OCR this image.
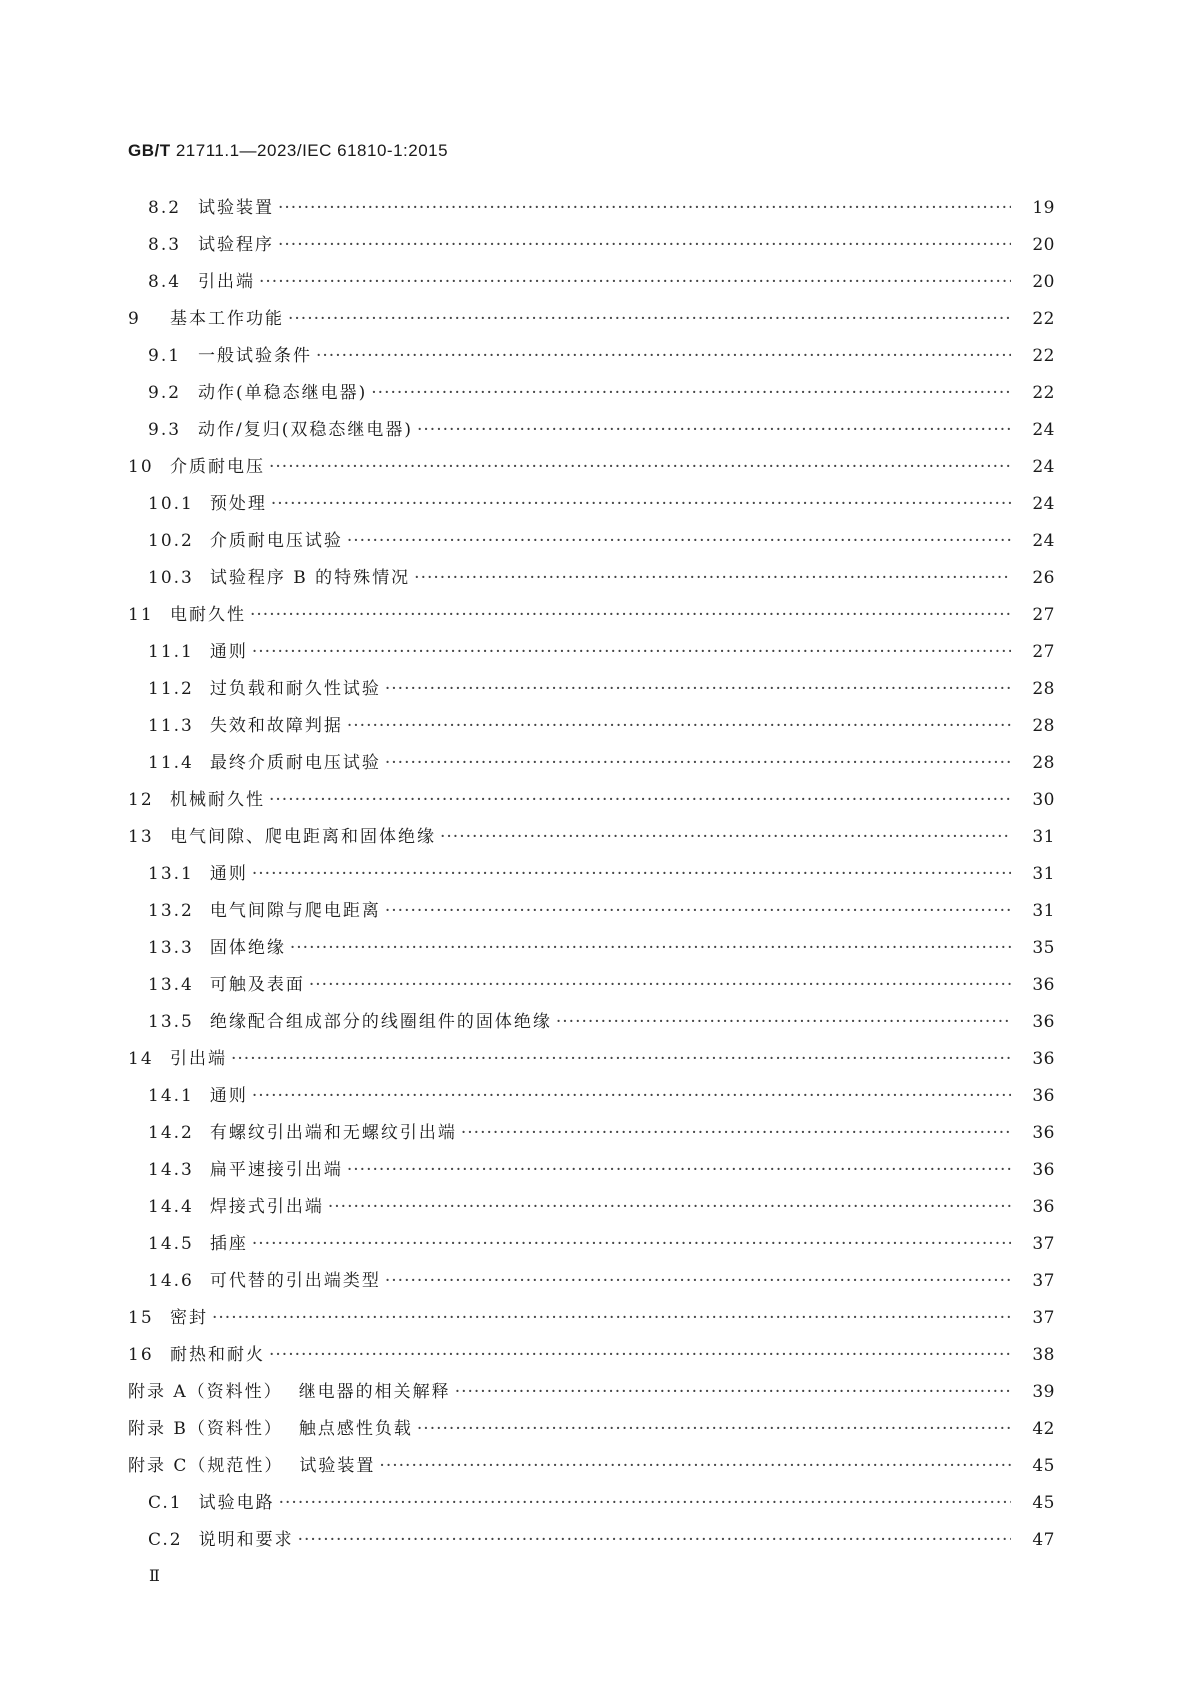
GB/T 21711.1—2023/IEC 61810-1:2015
8.2 试验装置 ·····	19
8.3 试验程序 ·····	20
8.4 引出端 ·····	20
9	基本工作功能 ·····	22
9.1 一般试验条件 ·····	22
9.2 动作(单稳态继电器) ·····	22
9.3 动作/复归(双稳态继电器) ·····	24
10 介质耐电压 ·····	24
10.1 预处理 ·····	24
10.2 介质耐电压试验 ·····	24
10.3 试验程序 B 的特殊情况 ·····	26
11 电耐久性 ·····	27
11.1 通则 ·····	27
11.2 过负载和耐久性试验 ·····	28
11.3 失效和故障判据 ·····	28
11.4 最终介质耐电压试验 ·····	28
12 机械耐久性 ·····	30
13 电气间隙、爬电距离和固体绝缘 ·····	31
13.1 通则 ·····	31
13.2 电气间隙与爬电距离 ·····	31
13.3 固体绝缘 ·····	35
13.4 可触及表面 ·····	36
13.5 绝缘配合组成部分的线圈组件的固体绝缘 ·····	36
14 引出端 ·····	36
14.1 通则 ·····	36
14.2 有螺纹引出端和无螺纹引出端 ·····	36
14.3 扁平速接引出端 ·····	36
14.4 焊接式引出端 ·····	36
14.5 插座 ·····	37
14.6 可代替的引出端类型 ·····	37
15 密封 ·····	37
16 耐热和耐火 ·····	38
附录 A（资料性） 继电器的相关解释 ·····	39
附录 B（资料性） 触点感性负载 ·····	42
附录 C（规范性） 试验装置 ·····	45
C.1 试验电路 ·····	45
C.2 说明和要求 ·····	47
Ⅱ
